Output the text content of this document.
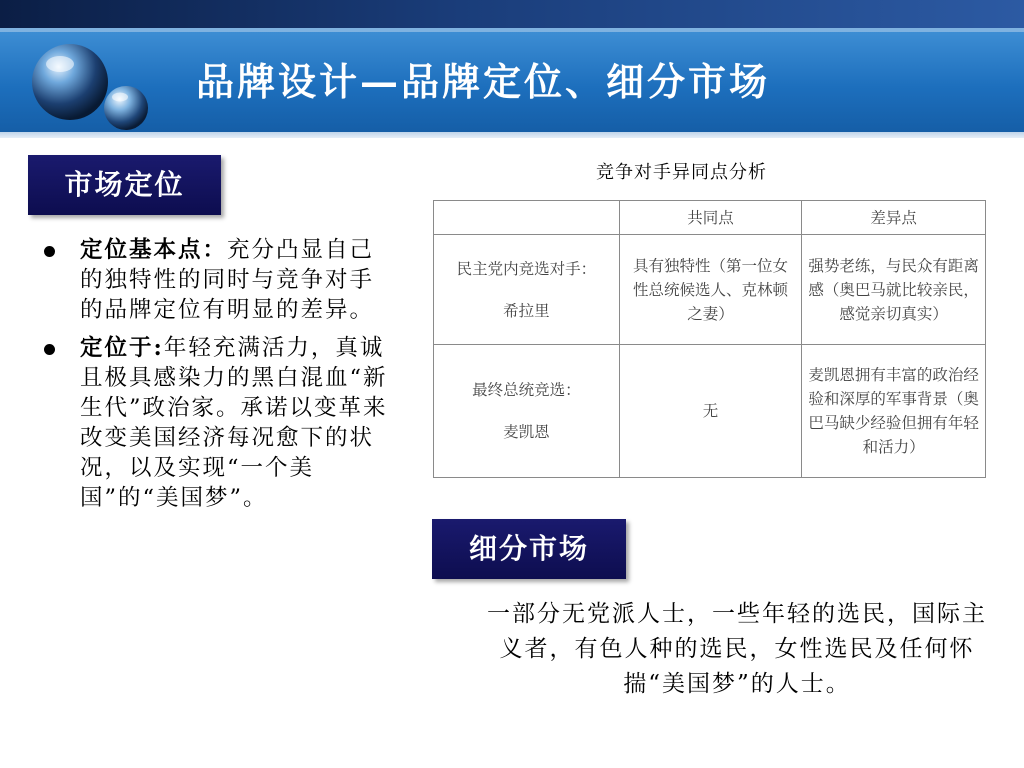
品牌设计—品牌定位、细分市场
市场定位
定位基本点：充分凸显自己的独特性的同时与竞争对手的品牌定位有明显的差异。
定位于:年轻充满活力，真诚且极具感染力的黑白混血“新生代”政治家。承诺以变革来改变美国经济每况愈下的状况，以及实现“一个美国”的“美国梦”。
竞争对手异同点分析
	共同点	差异点

民主党内竞选对手：
希拉里	具有独特性（第一位女性总统候选人、克林顿之妻）	强势老练，与民众有距离感（奥巴马就比较亲民，感觉亲切真实）

最终总统竞选：
麦凯恩	无	麦凯恩拥有丰富的政治经验和深厚的军事背景（奥巴马缺少经验但拥有年轻和活力）
细分市场
一部分无党派人士，一些年轻的选民，国际主义者，有色人种的选民，女性选民及任何怀揣“美国梦”的人士。
